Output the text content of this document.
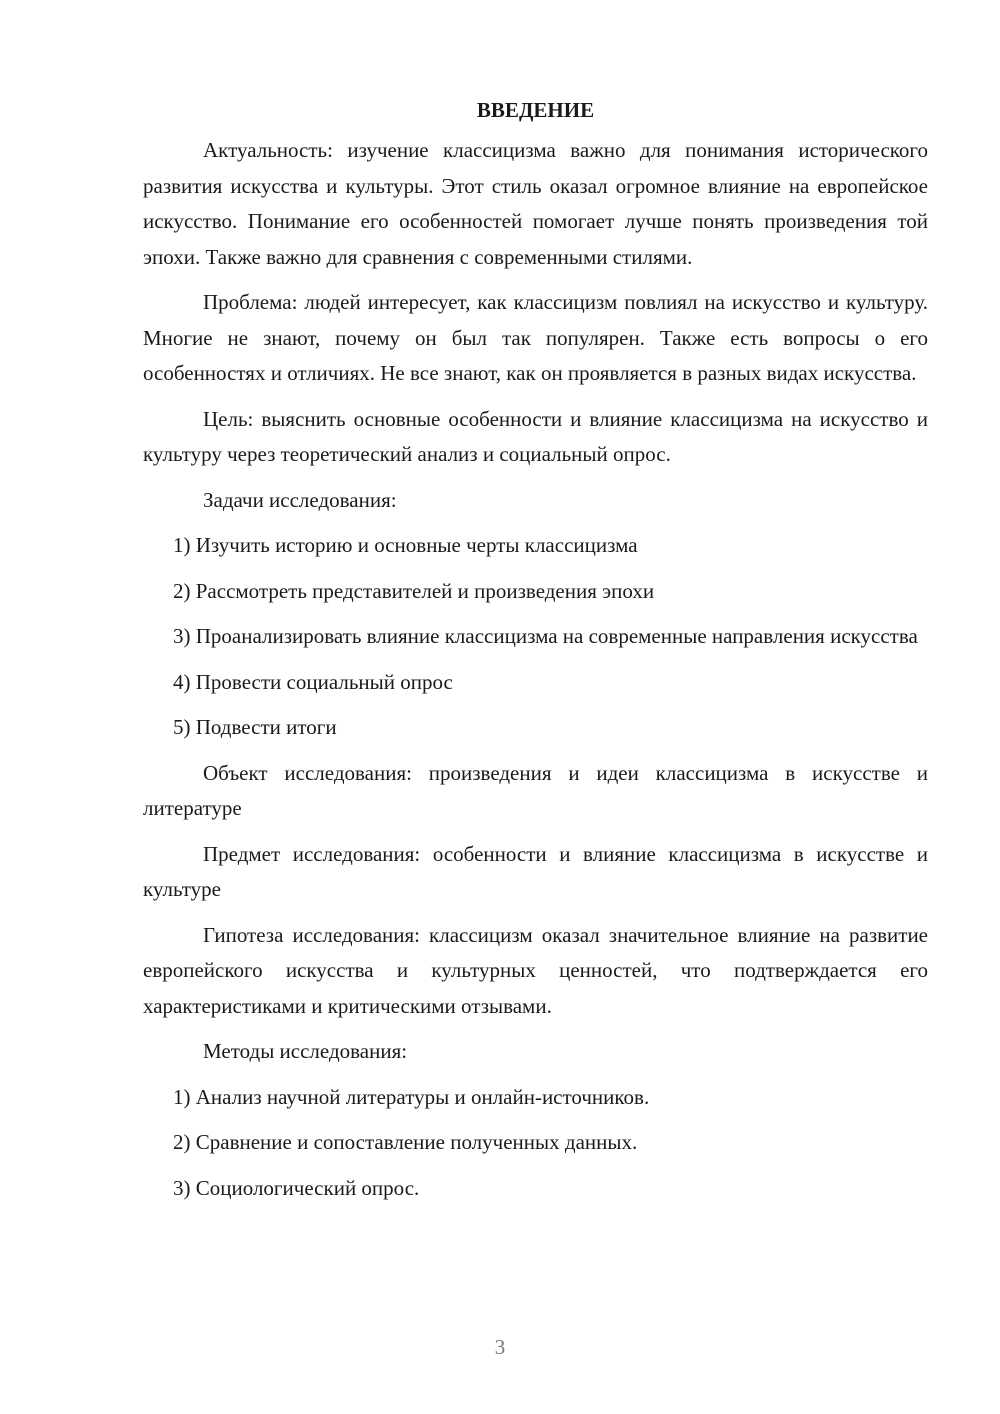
ВВЕДЕНИЕ

Актуальность: изучение классицизма важно для понимания исторического развития искусства и культуры. Этот стиль оказал огромное влияние на европейское искусство. Понимание его особенностей помогает лучше понять произведения той эпохи. Также важно для сравнения с современными стилями.

Проблема: людей интересует, как классицизм повлиял на искусство и культуру. Многие не знают, почему он был так популярен. Также есть вопросы о его особенностях и отличиях. Не все знают, как он проявляется в разных видах искусства.

Цель: выяснить основные особенности и влияние классицизма на искусство и культуру через теоретический анализ и социальный опрос.

Задачи исследования:

1) Изучить историю и основные черты классицизма

2) Рассмотреть представителей и произведения эпохи

3) Проанализировать влияние классицизма на современные направления искусства

4) Провести социальный опрос

5) Подвести итоги

Объект исследования: произведения и идеи классицизма в искусстве и литературе

Предмет исследования: особенности и влияние классицизма в искусстве и культуре

Гипотеза исследования: классицизм оказал значительное влияние на развитие европейского искусства и культурных ценностей, что подтверждается его характеристиками и критическими отзывами.

Методы исследования:

1) Анализ научной литературы и онлайн-источников.

2) Сравнение и сопоставление полученных данных.

3) Социологический опрос.

3
